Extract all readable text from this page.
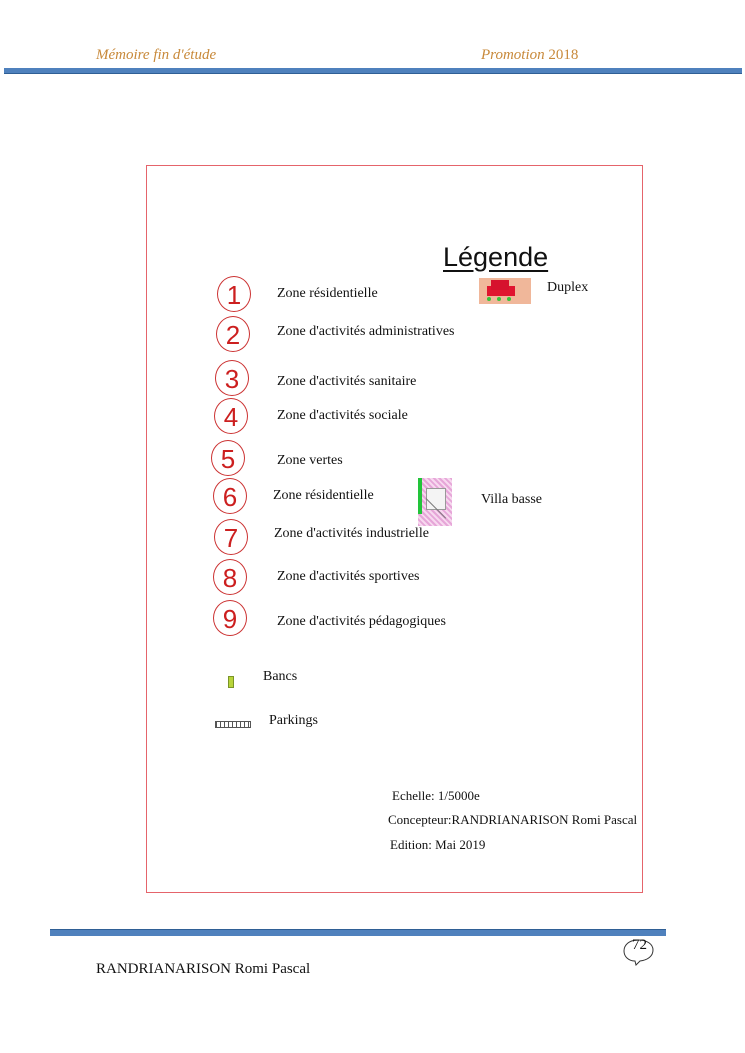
Mémoire fin d'étude	Promotion 2018
Légende
1	Zone résidentielle
2	Zone d'activités administratives
3	Zone d'activités sanitaire
4	Zone d'activités sociale
5	Zone vertes
6	Zone résidentielle
7	Zone d'activités industrielle
8	Zone d'activités sportives
9	Zone d'activités pédagogiques
Duplex
Villa basse
Bancs
Parkings
Echelle: 1/5000e
Concepteur:RANDRIANARISON Romi Pascal
Edition: Mai 2019
72
RANDRIANARISON Romi Pascal
